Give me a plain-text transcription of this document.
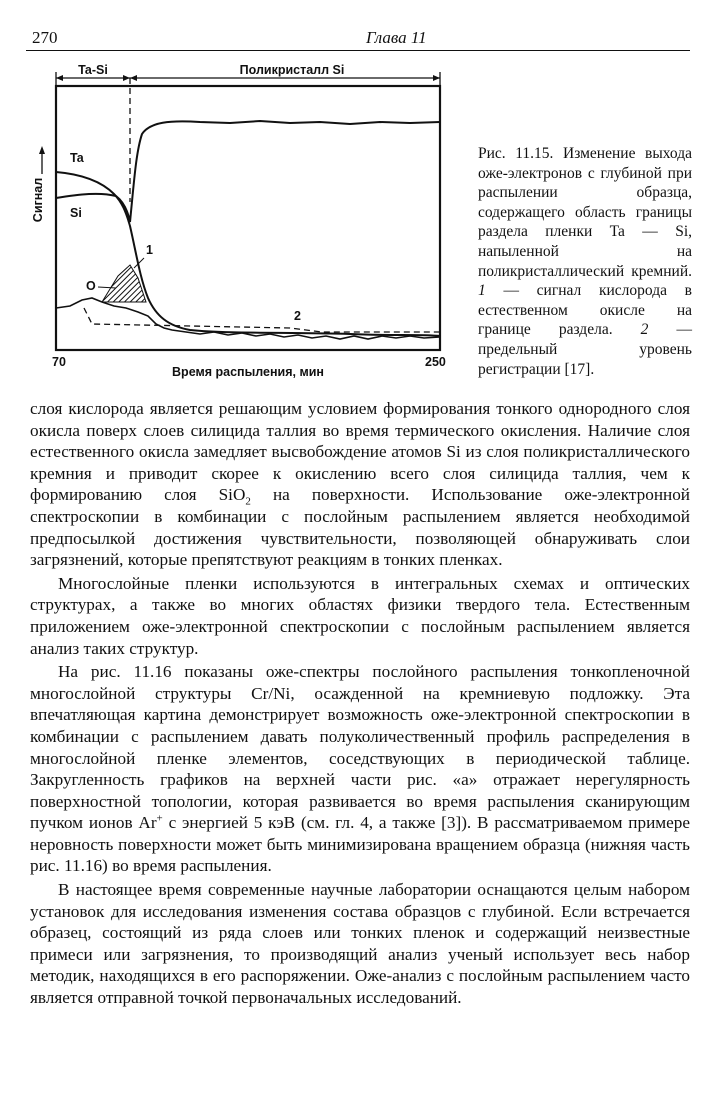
270	Глава 11
Ta-Si	Поликристалл Si
Ta
Si
O
1
2
Сигнал
70	250
Время распыления, мин
Рис. 11.15. Изменение выхода оже-электронов с глубиной при распылении образца, содержащего область границы раздела пленки Ta — Si, напыленной на поликристаллический кремний. 1 — сигнал кислорода в естественном окисле на границе раздела. 2 — предельный уровень регистрации [17].

слоя кислорода является решающим условием формирования тонкого однородного слоя окисла поверх слоев силицида таллия во время термического окисления. Наличие слоя естественного окисла замедляет высвобождение атомов Si из слоя поликристаллического кремния и приводит скорее к окислению всего слоя силицида таллия, чем к формированию слоя SiO$_2$ на поверхности. Использование оже-электронной спектроскопии в комбинации с послойным распылением является необходимой предпосылкой достижения чувствительности, позволяющей обнаруживать слои загрязнений, которые препятствуют реакциям в тонких пленках.

Многослойные пленки используются в интегральных схемах и оптических структурах, а также во многих областях физики твердого тела. Естественным приложением оже-электронной спектроскопии с послойным распылением является анализ таких структур.

На рис. 11.16 показаны оже-спектры послойного распыления тонкопленочной многослойной структуры Cr/Ni, осажденной на кремниевую подложку. Эта впечатляющая картина демонстрирует возможность оже-электронной спектроскопии в комбинации с распылением давать полуколичественный профиль распределения в многослойной пленке элементов, соседствующих в периодической таблице. Закругленность графиков на верхней части рис. «а» отражает нерегулярность поверхностной топологии, которая развивается во время распыления сканирующим пучком ионов Ar+ с энергией 5 кэВ (см. гл. 4, а также [3]). В рассматриваемом примере неровность поверхности может быть минимизирована вращением образца (нижняя часть рис. 11.16) во время распыления.

В настоящее время современные научные лаборатории оснащаются целым набором установок для исследования изменения состава образцов с глубиной. Если встречается образец, состоящий из ряда слоев или тонких пленок и содержащий неизвестные примеси или загрязнения, то производящий анализ ученый использует весь набор методик, находящихся в его распоряжении. Оже-анализ с послойным распылением часто является отправной точкой первоначальных исследований.
